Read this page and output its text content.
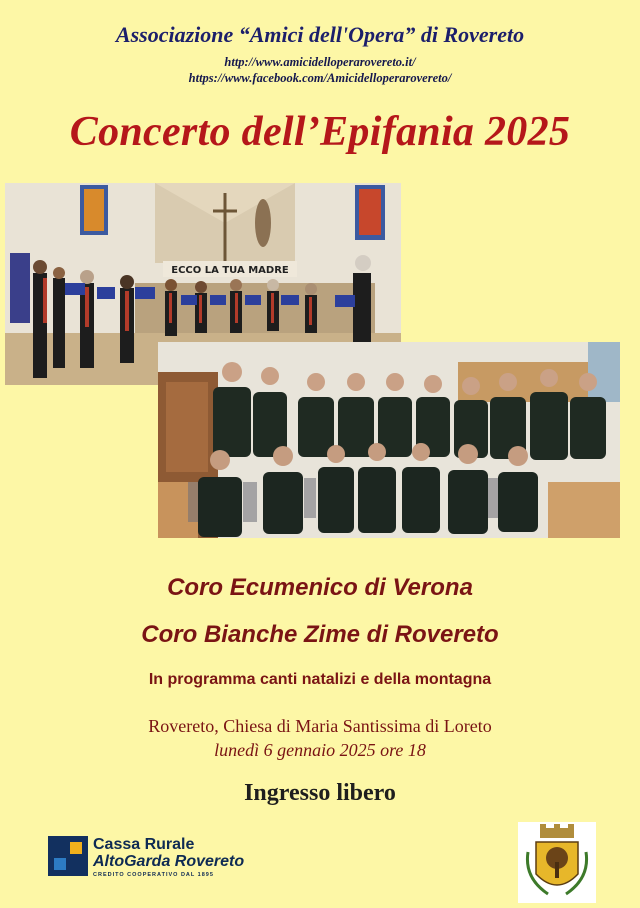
Associazione “Amici dell'Opera” di Rovereto
http://www.amicidelloperarovereto.it/
https://www.facebook.com/Amicidelloperarovereto/
Concerto dell’Epifania 2025
ECCO LA TUA MADRE
Coro Ecumenico di Verona
Coro Bianche Zime di Rovereto
In programma canti natalizi e della montagna
Rovereto, Chiesa di Maria Santissima di Loreto
lunedì 6 gennaio 2025 ore 18
Ingresso libero
Cassa Rurale
AltoGarda Rovereto
CREDITO COOPERATIVO DAL 1895
